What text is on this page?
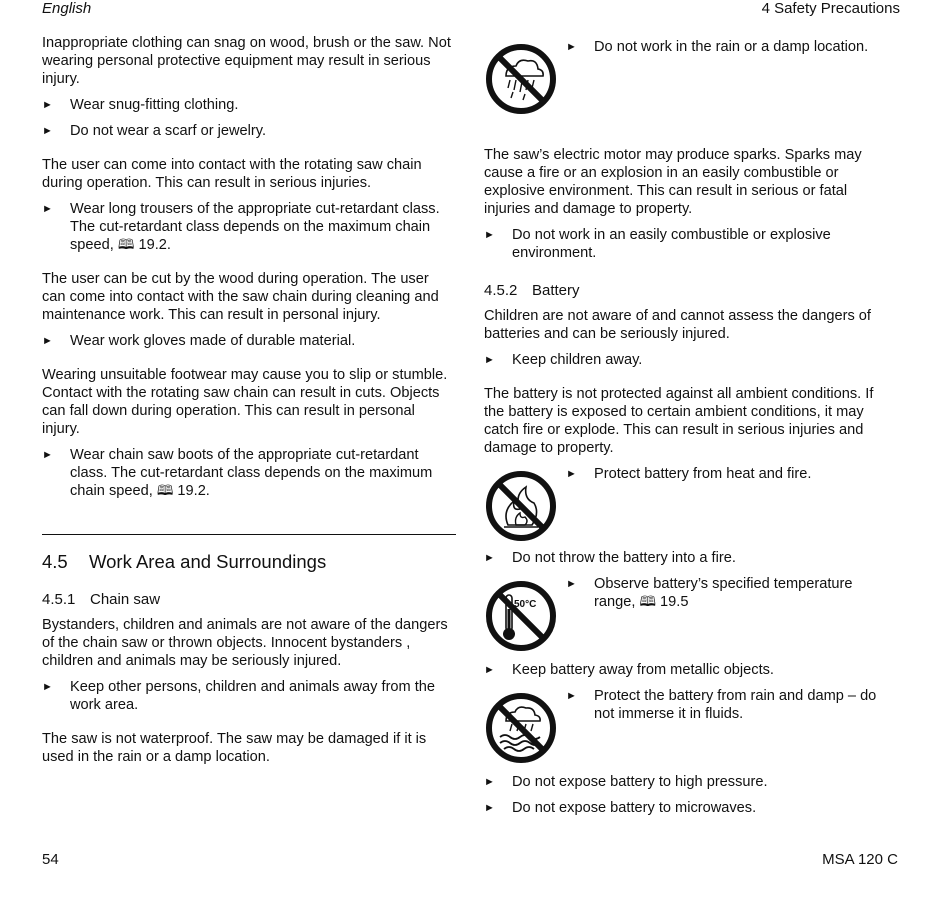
English	4 Safety Precautions

Inappropriate clothing can snag on wood, brush or the saw. Not wearing personal protective equipment may result in serious injury.

► Wear snug-fitting clothing.
► Do not wear a scarf or jewelry.

The user can come into contact with the rotating saw chain during operation. This can result in serious injuries.

► Wear long trousers of the appropriate cut-retardant class. The cut-retardant class depends on the maximum chain speed, 🕮 19.2.

The user can be cut by the wood during operation. The user can come into contact with the saw chain during cleaning and maintenance work. This can result in personal injury.

► Wear work gloves made of durable material.

Wearing unsuitable footwear may cause you to slip or stumble. Contact with the rotating saw chain can result in cuts. Objects can fall down during operation. This can result in personal injury.

► Wear chain saw boots of the appropriate cut-retardant class. The cut-retardant class depends on the maximum chain speed, 🕮 19.2.
4.5 Work Area and Surroundings
4.5.1 Chain saw

Bystanders, children and animals are not aware of the dangers of the chain saw or thrown objects. Innocent bystanders , children and animals may be seriously injured.

► Keep other persons, children and animals away from the work area.

The saw is not waterproof. The saw may be damaged if it is used in the rain or a damp location.

► Do not work in the rain or a damp location.

The saw’s electric motor may produce sparks. Sparks may cause a fire or an explosion in an easily combustible or explosive environment. This can result in serious or fatal injuries and damage to property.

► Do not work in an easily combustible or explosive environment.
4.5.2 Battery

Children are not aware of and cannot assess the dangers of batteries and can be seriously injured.

► Keep children away.

The battery is not protected against all ambient conditions. If the battery is exposed to certain ambient conditions, it may catch fire or explode. This can result in serious injuries and damage to property.

► Protect battery from heat and fire.
► Do not throw the battery into a fire.
50°C
► Observe battery’s specified temperature range, 🕮 19.5
► Keep battery away from metallic objects.
► Protect the battery from rain and damp – do not immerse it in fluids.
► Do not expose battery to high pressure.
► Do not expose battery to microwaves.
54	MSA 120 C
